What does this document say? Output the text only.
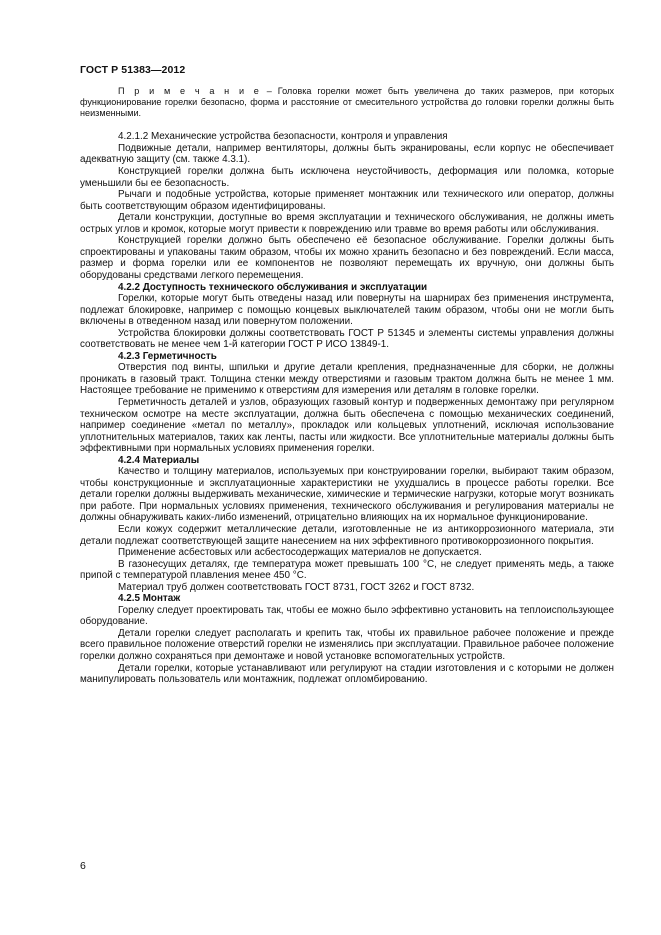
ГОСТ Р 51383—2012

П р и м е ч а н и е – Головка горелки может быть увеличена до таких размеров, при которых функционирование горелки безопасно, форма и расстояние от смесительного устройства до головки горелки должны быть неизменными.

4.2.1.2 Механические устройства безопасности, контроля и управления

Подвижные детали, например вентиляторы, должны быть экранированы, если корпус не обеспечивает адекватную защиту (см. также 4.3.1).

Конструкцией горелки должна быть исключена неустойчивость, деформация или поломка, которые уменьшили бы ее безопасность.

Рычаги и подобные устройства, которые применяет монтажник или технического или оператор, должны быть соответствующим образом идентифицированы.

Детали конструкции, доступные во время эксплуатации и технического обслуживания, не должны иметь острых углов и кромок, которые могут привести к повреждению или травме во время работы или обслуживания.

Конструкцией горелки должно быть обеспечено её безопасное обслуживание. Горелки должны быть спроектированы и упакованы таким образом, чтобы их можно хранить безопасно и без повреждений. Если масса, размер и форма горелки или ее компонентов не позволяют перемещать их вручную, они должны быть оборудованы средствами легкого перемещения.

4.2.2 Доступность технического обслуживания и эксплуатации

Горелки, которые могут быть отведены назад или повернуты на шарнирах без применения инструмента, подлежат блокировке, например с помощью концевых выключателей таким образом, чтобы они не могли быть включены в отведенном назад или повернутом положении.

Устройства блокировки должны соответствовать ГОСТ Р 51345 и элементы системы управления должны соответствовать не менее чем 1-й категории ГОСТ Р ИСО 13849-1.

4.2.3 Герметичность

Отверстия под винты, шпильки и другие детали крепления, предназначенные для сборки, не должны проникать в газовый тракт. Толщина стенки между отверстиями и газовым трактом должна быть не менее 1 мм. Настоящее требование не применимо к отверстиям для измерения или деталям в головке горелки.

Герметичность деталей и узлов, образующих газовый контур и подверженных демонтажу при регулярном техническом осмотре на месте эксплуатации, должна быть обеспечена с помощью механических соединений, например соединение «метал по металлу», прокладок или кольцевых уплотнений, исключая использование уплотнительных материалов, таких как ленты, пасты или жидкости. Все уплотнительные материалы должны быть эффективными при нормальных условиях применения горелки.

4.2.4 Материалы

Качество и толщину материалов, используемых при конструировании горелки, выбирают таким образом, чтобы конструкционные и эксплуатационные характеристики не ухудшались в процессе работы горелки. Все детали горелки должны выдерживать механические, химические и термические нагрузки, которые могут возникать при работе. При нормальных условиях применения, технического обслуживания и регулирования материалы не должны обнаруживать каких-либо изменений, отрицательно влияющих на их нормальное функционирование.

Если кожух содержит металлические детали, изготовленные не из антикоррозионного материала, эти детали подлежат соответствующей защите нанесением на них эффективного противокоррозионного покрытия.

Применение асбестовых или асбестосодержащих материалов не допускается.

В газонесущих деталях, где температура может превышать 100 °С, не следует применять медь, а также припой с температурой плавления менее 450 °С.

Материал труб должен соответствовать ГОСТ 8731, ГОСТ 3262 и ГОСТ 8732.

4.2.5 Монтаж

Горелку следует проектировать так, чтобы ее можно было эффективно установить на теплоиспользующее оборудование.

Детали горелки следует располагать и крепить так, чтобы их правильное рабочее положение и прежде всего правильное положение отверстий горелки не изменялись при эксплуатации. Правильное рабочее положение горелки должно сохраняться при демонтаже и новой установке вспомогательных устройств.

Детали горелки, которые устанавливают или регулируют на стадии изготовления и с которыми не должен манипулировать пользователь или монтажник, подлежат опломбированию.

6
